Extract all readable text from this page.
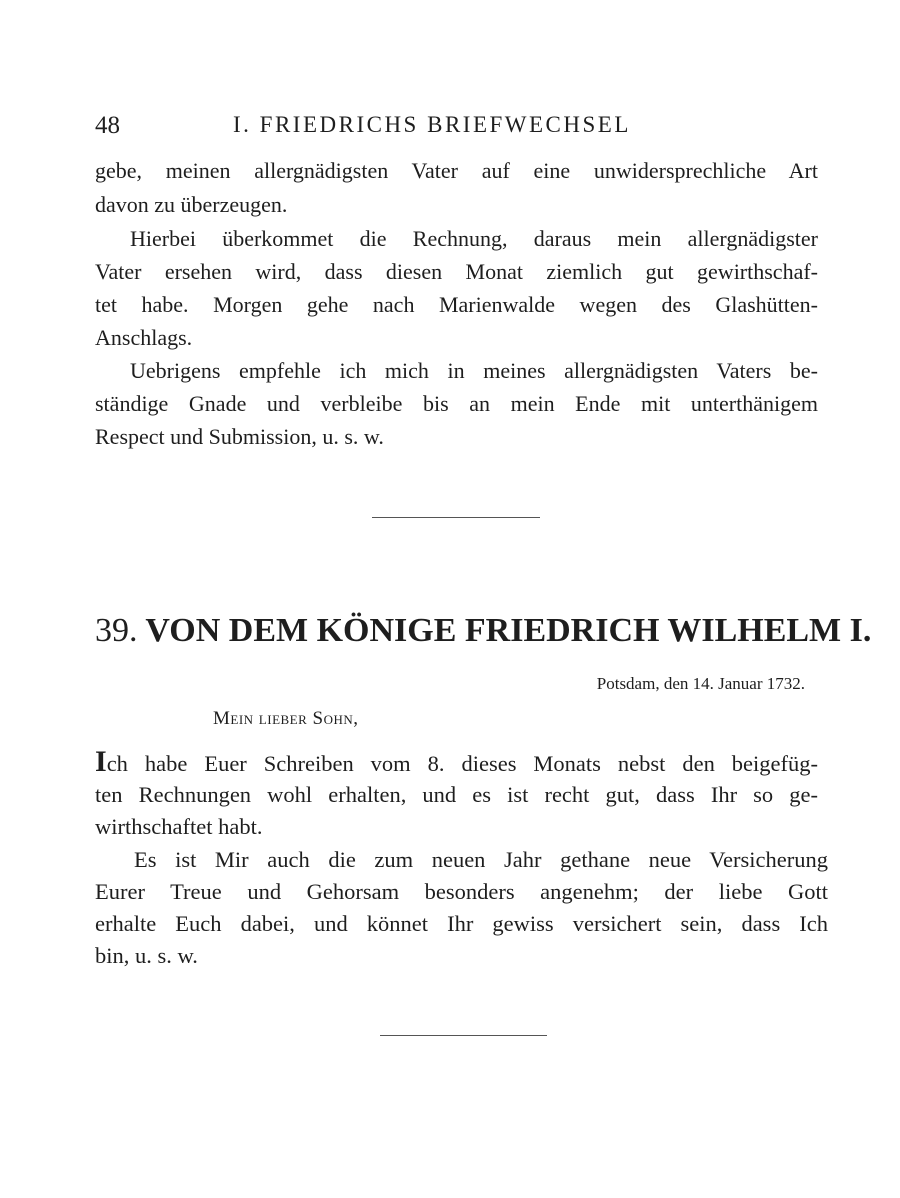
48	I. FRIEDRICHS BRIEFWECHSEL
gebe, meinen allergnädigsten Vater auf eine unwidersprechliche Art
davon zu überzeugen.
Hierbei überkommet die Rechnung, daraus mein allergnädigster
Vater ersehen wird, dass diesen Monat ziemlich gut gewirthschaf-
tet habe. Morgen gehe nach Marienwalde wegen des Glashütten-
Anschlags.
Uebrigens empfehle ich mich in meines allergnädigsten Vaters be-
ständige Gnade und verbleibe bis an mein Ende mit unterthänigem
Respect und Submission, u. s. w.
39. VON DEM KÖNIGE FRIEDRICH WILHELM I.
Potsdam, den 14. Januar 1732.
Mein lieber Sohn,
Ich habe Euer Schreiben vom 8. dieses Monats nebst den beigefüg-
ten Rechnungen wohl erhalten, und es ist recht gut, dass Ihr so ge-
wirthschaftet habt.
Es ist Mir auch die zum neuen Jahr gethane neue Versicherung
Eurer Treue und Gehorsam besonders angenehm; der liebe Gott
erhalte Euch dabei, und könnet Ihr gewiss versichert sein, dass Ich
bin, u. s. w.
